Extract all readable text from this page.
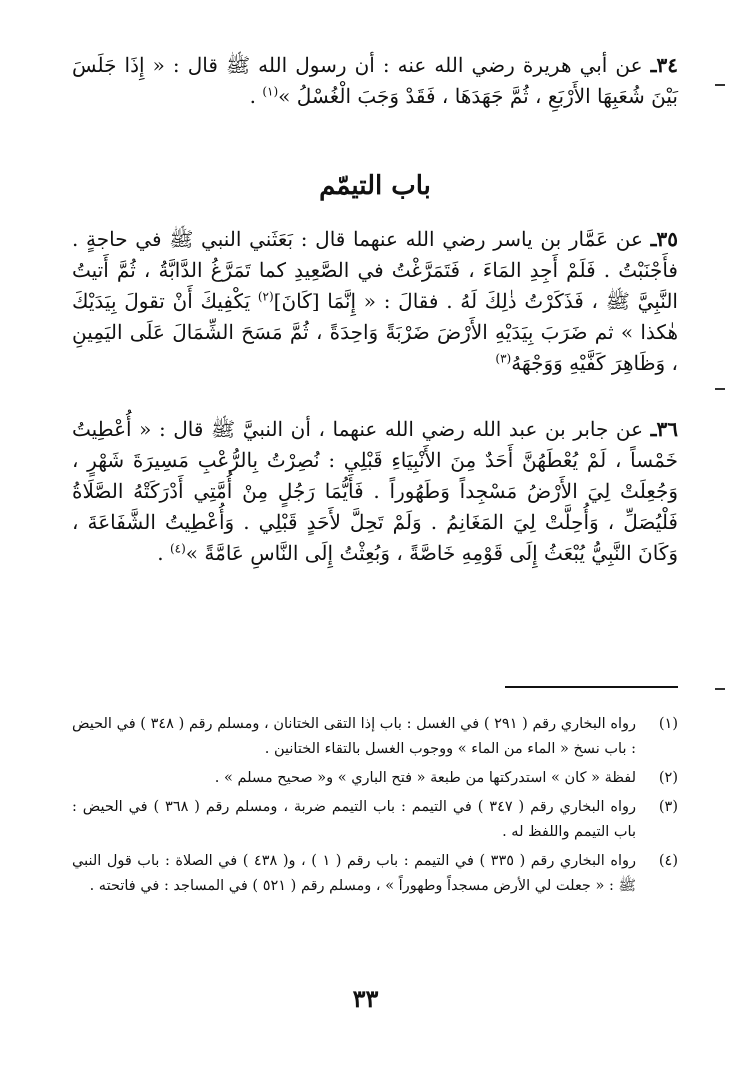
٣٤ـ عن أبي هريرة رضي الله عنه : أن رسول الله ﷺ قال : « إِذَا جَلَسَ بَيْنَ شُعَبِهَا الأَرْبَعِ ، ثُمَّ جَهَدَهَا ، فَقَدْ وَجَبَ الْغُسْلُ »$^{(١)}$ .

باب التيمّم

٣٥ـ عن عَمَّار بن ياسر رضي الله عنهما قال : بَعَثَني النبي ﷺ في حاجةٍ . فأَجْنَبْتُ . فَلَمْ أَجِدِ المَاءَ ، فَتَمَرَّغْتُ في الصَّعِيدِ كما تَمَرَّغُ الدَّابَّةُ ، ثُمَّ أَتيتُ النَّبِيَّ ﷺ ، فَذَكَرْتُ ذٰلِكَ لَهُ . فقالَ : « إِنَّمَا [كَانَ]$^{(٢)}$ يَكْفِيكَ أَنْ تقولَ بِيَدَيْكَ هٰكذا » ثم ضَرَبَ بِيَدَيْهِ الأَرْضَ ضَرْبَةً وَاحِدَةً ، ثُمَّ مَسَحَ الشِّمَالَ عَلَى اليَمِينِ ، وَظَاهِرَ كَفَّيْهِ وَوَجْهَهُ$^{(٣)}$

٣٦ـ عن جابر بن عبد الله رضي الله عنهما ، أن النبيَّ ﷺ قال : « أُعْطِيتُ خَمْساً ، لَمْ يُعْطَهُنَّ أَحَدٌ مِنَ الأَنْبِيَاءِ قَبْلِي : نُصِرْتُ بِالرُّعْبِ مَسِيرَةَ شَهْرٍ ، وَجُعِلَتْ لِيَ الأَرْضُ مَسْجِداً وَطَهُوراً . فَأَيُّمَا رَجُلٍ مِنْ أُمَّتِي أَدْرَكَتْهُ الصَّلَاةُ فَلْيُصَلِّ ، وَأُحِلَّتْ لِيَ المَغَانِمُ . وَلَمْ تَحِلَّ لأَحَدٍ قَبْلِي . وَأُعْطِيتُ الشَّفَاعَةَ ، وَكَانَ النَّبِيُّ يُبْعَثُ إِلَى قَوْمِهِ خَاصَّةً ، وَبُعِثْتُ إِلَى النَّاسِ عَامَّةً »$^{(٤)}$ .

(١)
رواه البخاري رقم ( ٢٩١ ) في الغسل : باب إذا التقى الختانان ، ومسلم رقم ( ٣٤٨ ) في الحيض : باب نسخ « الماء من الماء » ووجوب الغسل بالتقاء الختانين .
(٢)
لفظة « كان » استدركتها من طبعة « فتح الباري » و« صحيح مسلم » .
(٣)
رواه البخاري رقم ( ٣٤٧ ) في التيمم : باب التيمم ضربة ، ومسلم رقم ( ٣٦٨ ) في الحيض : باب التيمم واللفظ له .
(٤)
رواه البخاري رقم ( ٣٣٥ ) في التيمم : باب رقم ( ١ ) ، و( ٤٣٨ ) في الصلاة : باب قول النبي ﷺ : « جعلت لي الأرض مسجداً وطهوراً » ، ومسلم رقم ( ٥٢١ ) في المساجد : في فاتحته .
٣٣
